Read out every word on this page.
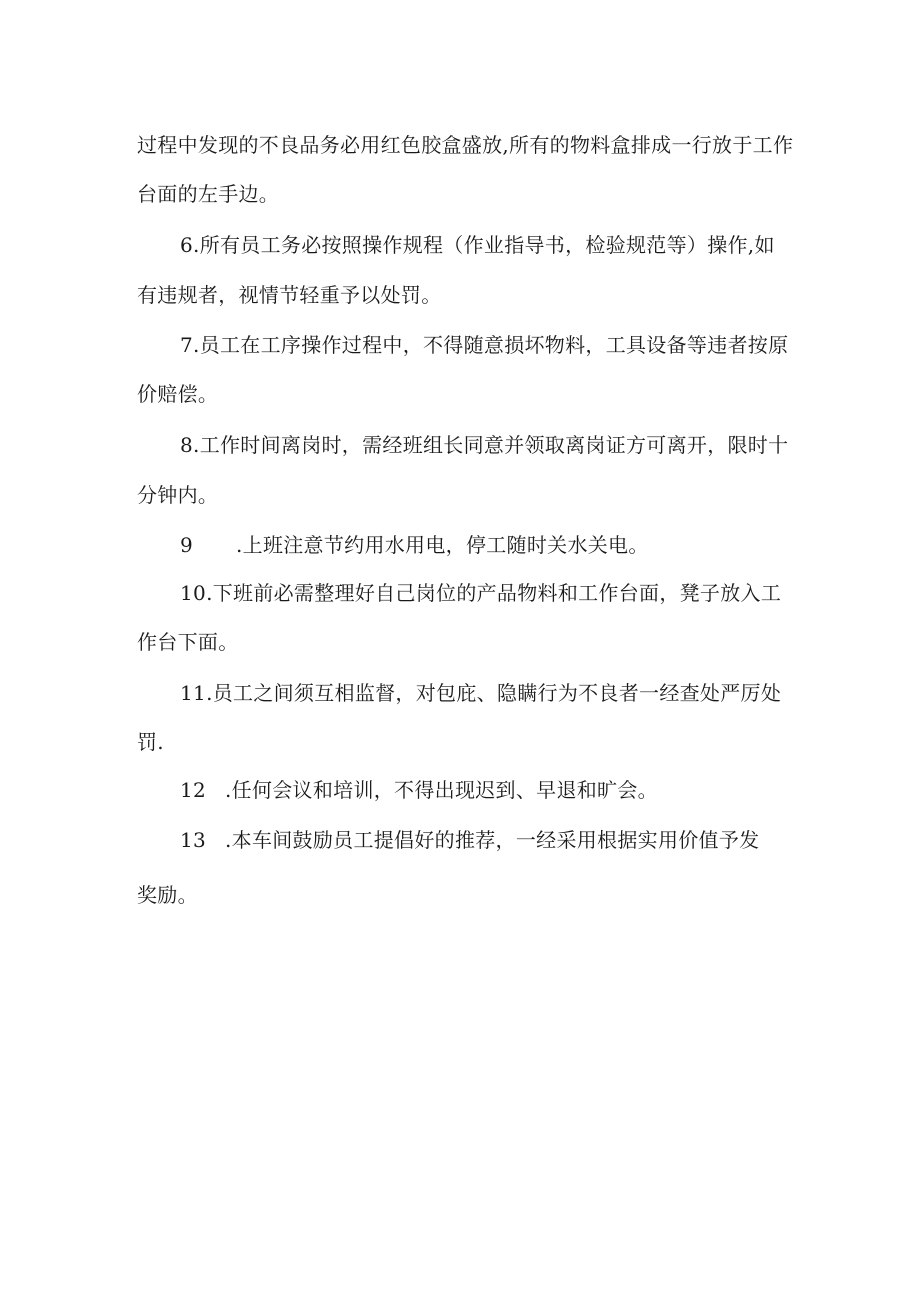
过程中发现的不良品务必用红色胶盒盛放,所有的物料盒排成一行放于工作
台面的左手边。
6.所有员工务必按照操作规程（作业指导书，检验规范等）操作,如
有违规者，视情节轻重予以处罚。
7.员工在工序操作过程中，不得随意损坏物料，工具设备等违者按原
价赔偿。
8.工作时间离岗时，需经班组长同意并领取离岗证方可离开，限时十
分钟内。
9 .上班注意节约用水用电，停工随时关水关电。
10.下班前必需整理好自己岗位的产品物料和工作台面，凳子放入工
作台下面。
11.员工之间须互相监督，对包庇、隐瞒行为不良者一经查处严厉处
罚.
12 .任何会议和培训，不得出现迟到、早退和旷会。
13 .本车间鼓励员工提倡好的推荐，一经采用根据实用价值予发
奖励。
